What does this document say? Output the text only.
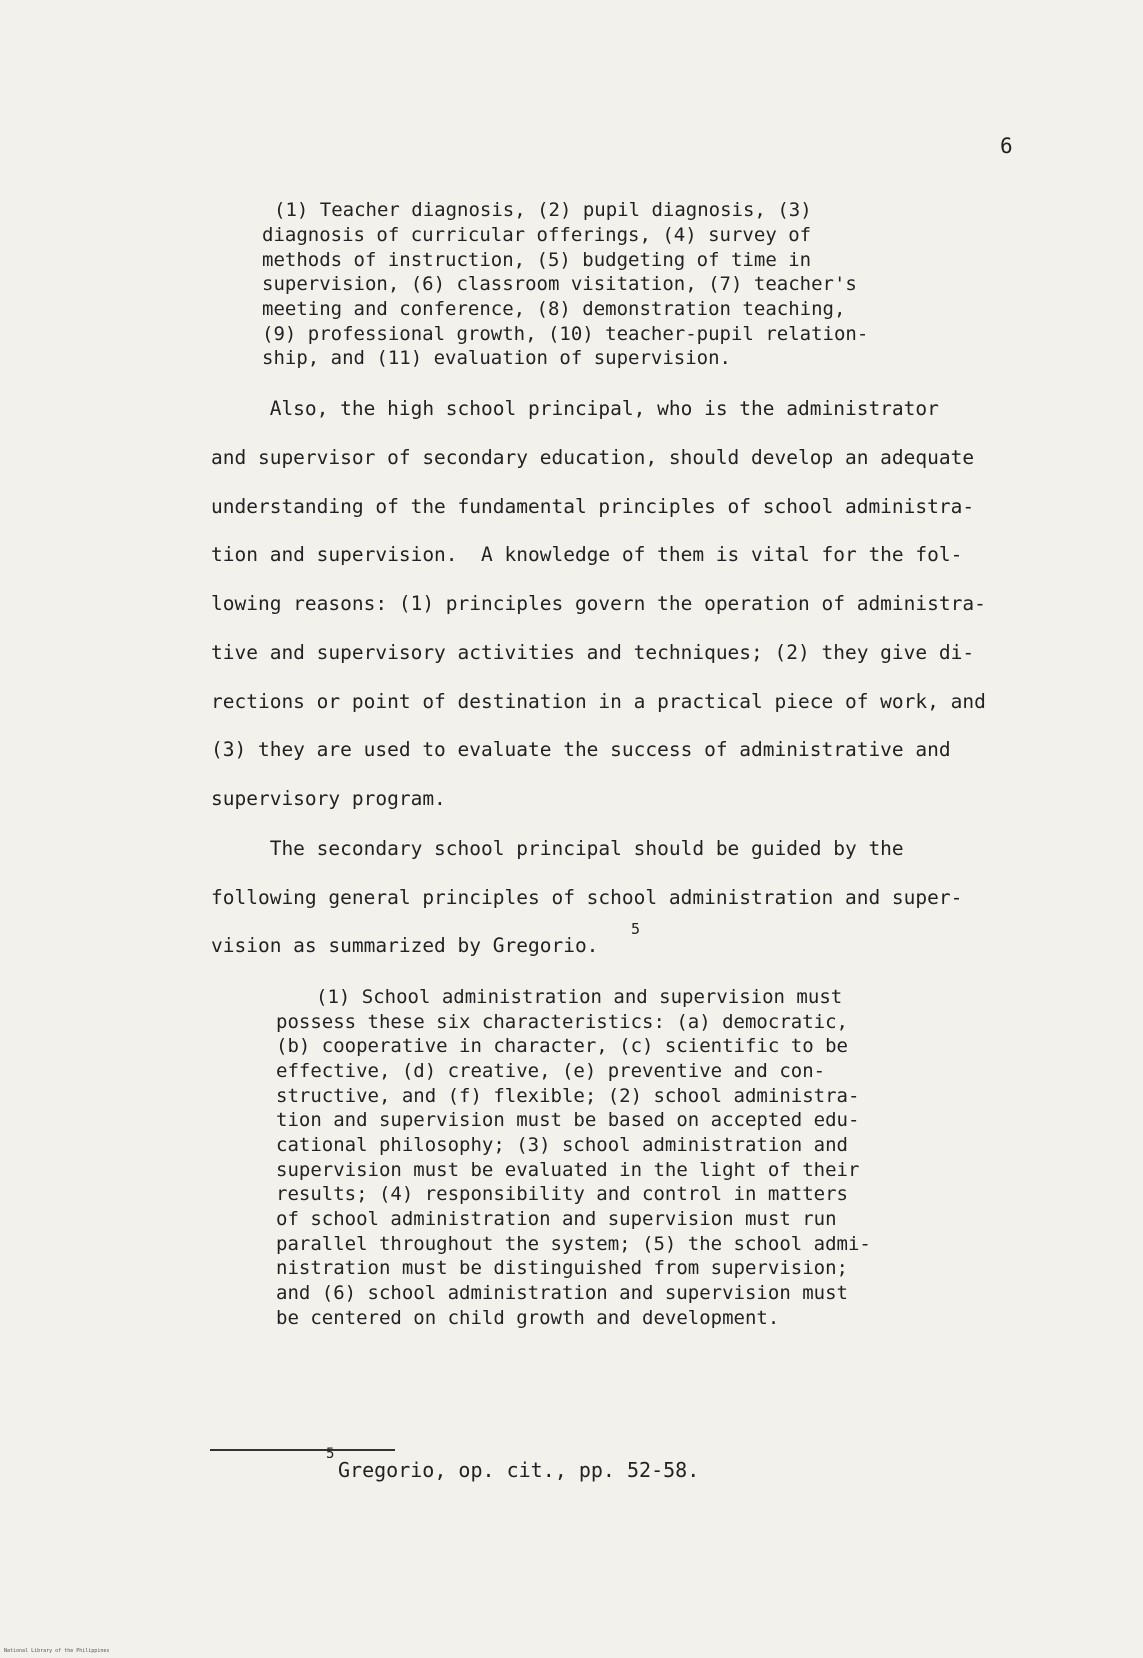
6
(1) Teacher diagnosis, (2) pupil diagnosis, (3)
diagnosis of curricular offerings, (4) survey of
methods of instruction, (5) budgeting of time in
supervision, (6) classroom visitation, (7) teacher's
meeting and conference, (8) demonstration teaching,
(9) professional growth, (10) teacher-pupil relation-
ship, and (11) evaluation of supervision.
Also, the high school principal, who is the administrator
and supervisor of secondary education, should develop an adequate
understanding of the fundamental principles of school administra-
tion and supervision.  A knowledge of them is vital for the fol-
lowing reasons: (1) principles govern the operation of administra-
tive and supervisory activities and techniques; (2) they give di-
rections or point of destination in a practical piece of work, and
(3) they are used to evaluate the success of administrative and
supervisory program.
The secondary school principal should be guided by the
following general principles of school administration and super-
vision as summarized by Gregorio.
5
(1) School administration and supervision must
possess these six characteristics: (a) democratic,
(b) cooperative in character, (c) scientific to be
effective, (d) creative, (e) preventive and con-
structive, and (f) flexible; (2) school administra-
tion and supervision must be based on accepted edu-
cational philosophy; (3) school administration and
supervision must be evaluated in the light of their
results; (4) responsibility and control in matters
of school administration and supervision must run
parallel throughout the system; (5) the school admi-
nistration must be distinguished from supervision;
and (6) school administration and supervision must
be centered on child growth and development.
5
Gregorio, op. cit., pp. 52-58.
National Library of the Philippines
